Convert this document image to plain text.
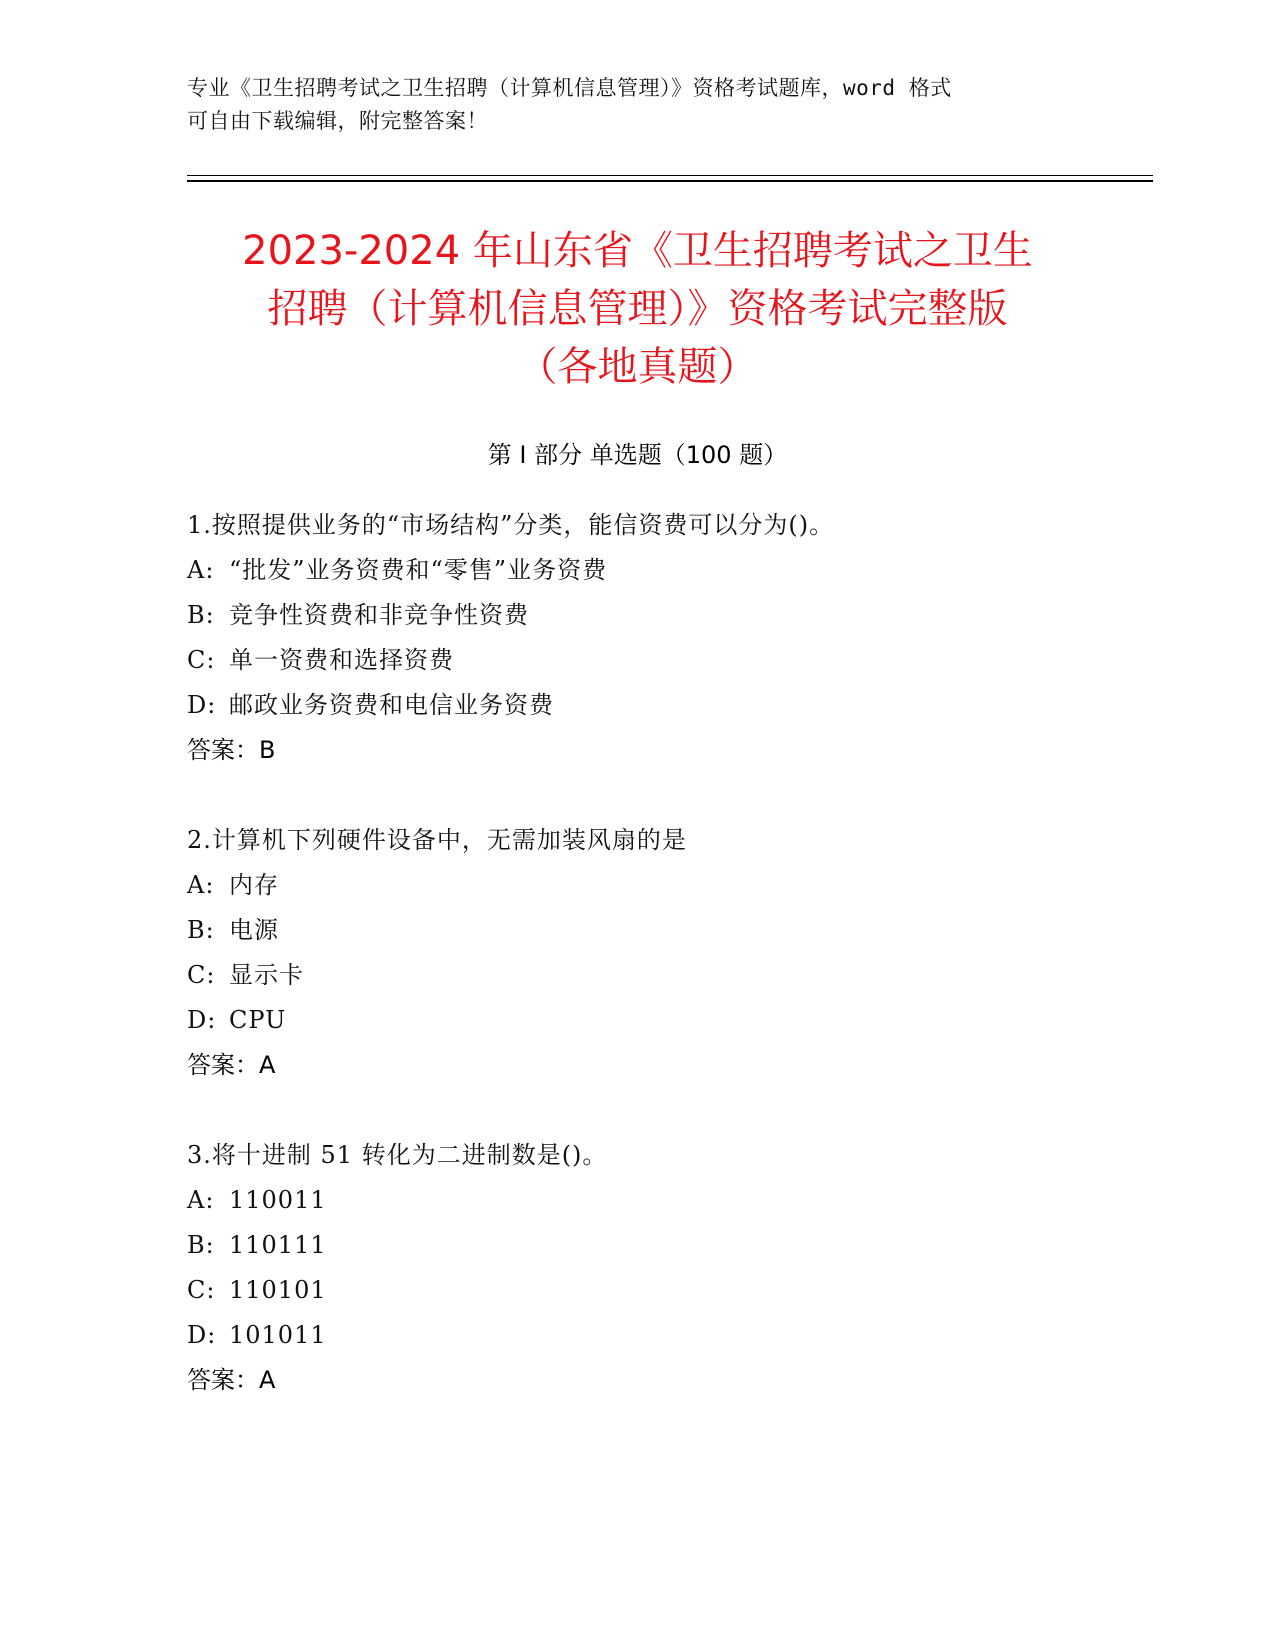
专业《卫生招聘考试之卫生招聘（计算机信息管理）》资格考试题库，word 格式
可自由下载编辑，附完整答案！
2023-2024 年山东省《卫生招聘考试之卫生
招聘（计算机信息管理）》资格考试完整版
（各地真题）
第 I 部分 单选题（100 题）
1.按照提供业务的“市场结构”分类，能信资费可以分为()。
A: “批发”业务资费和“零售”业务资费
B: 竞争性资费和非竞争性资费
C: 单一资费和选择资费
D: 邮政业务资费和电信业务资费
答案：B
2.计算机下列硬件设备中，无需加装风扇的是
A: 内存
B: 电源
C: 显示卡
D: CPU
答案：A
3.将十进制 51 转化为二进制数是()。
A: 110011
B: 110111
C: 110101
D: 101011
答案：A
